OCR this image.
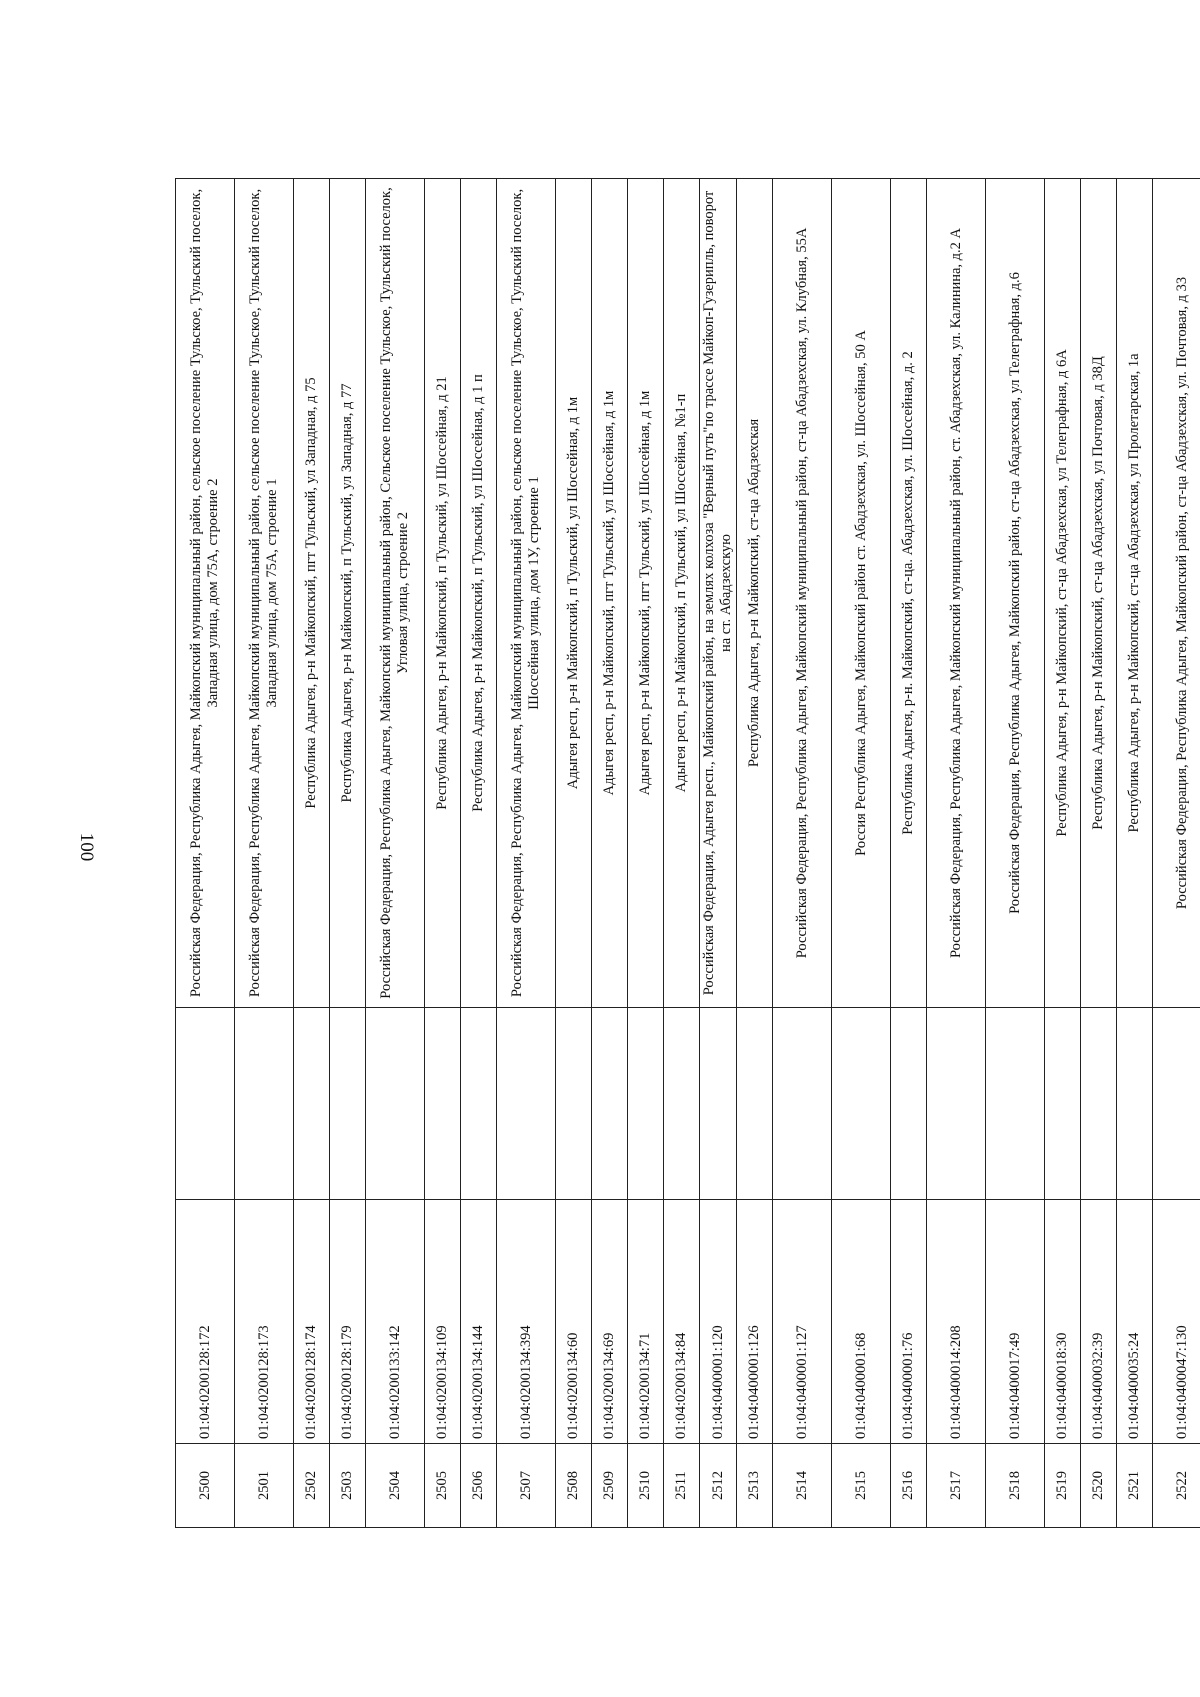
100
2500	01:04:0200128:172		Российская Федерация, Республика Адыгея, Майкопский муниципальный район, сельское поселение Тульское, Тульский поселок, Западная улица, дом 75А, строение 2
2501	01:04:0200128:173		Российская Федерация, Республика Адыгея, Майкопский муниципальный район, сельское поселение Тульское, Тульский поселок, Западная улица, дом 75А, строение 1
2502	01:04:0200128:174		Республика Адыгея, р-н Майкопский, пгт Тульский, ул Западная, д 75
2503	01:04:0200128:179		Республика Адыгея, р-н Майкопский, п Тульский, ул Западная, д 77
2504	01:04:0200133:142		Российская Федерация, Республика Адыгея, Майкопский муниципальный район, Сельское поселение Тульское, Тульский поселок, Угловая улица, строение 2
2505	01:04:0200134:109		Республика Адыгея, р-н Майкопский, п Тульский, ул Шоссейная, д 21
2506	01:04:0200134:144		Республика Адыгея, р-н Майкопский, п Тульский, ул Шоссейная, д 1 п
2507	01:04:0200134:394		Российская Федерация, Республика Адыгея, Майкопский муниципальный район, сельское поселение Тульское, Тульский поселок, Шоссейная улица, дом 1У, строение 1
2508	01:04:0200134:60		Адыгея респ, р-н Майкопский, п Тульский, ул Шоссейная, д 1м
2509	01:04:0200134:69		Адыгея респ, р-н Майкопский, пгт Тульский, ул Шоссейная, д 1м
2510	01:04:0200134:71		Адыгея респ, р-н Майкопский, пгт Тульский, ул Шоссейная, д 1м
2511	01:04:0200134:84		Адыгея респ, р-н Майкопский, п Тульский, ул Шоссейная, №1-п
2512	01:04:0400001:120		Российская Федерация, Адыгея респ., Майкопский район, на землях колхоза "Верный путь"по трассе Майкоп-Гузерипль, поворот на ст. Абадзехскую
2513	01:04:0400001:126		Республика Адыгея, р-н Майкопский, ст-ца Абадзехская
2514	01:04:0400001:127		Российская Федерация, Республика Адыгея, Майкопский муниципальный район, ст-ца Абадзехская, ул. Клубная, 55А
2515	01:04:0400001:68		Россия Республика Адыгея, Майкопский район ст. Абадзехская, ул. Шоссейная, 50 А
2516	01:04:0400001:76		Республика Адыгея, р-н. Майкопский, ст-ца. Абадзехская, ул. Шоссейная, д. 2
2517	01:04:0400014:208		Российская Федерация, Республика Адыгея, Майкопский муниципальный район, ст. Абадзехская, ул. Калинина, д.2 А
2518	01:04:0400017:49		Российская Федерация, Республика Адыгея, Майкопский район, ст-ца Абадзехская, ул Телеграфная, д.6
2519	01:04:0400018:30		Республика Адыгея, р-н Майкопский, ст-ца Абадзехская, ул Телеграфная, д 6А
2520	01:04:0400032:39		Республика Адыгея, р-н Майкопский, ст-ца Абадзехская, ул Почтовая, д 38Д
2521	01:04:0400035:24		Республика Адыгея, р-н Майкопский, ст-ца Абадзехская, ул Пролетарская, 1а
2522	01:04:0400047:130		Российская Федерация, Республика Адыгея, Майкопский район, ст-ца Абадзехская, ул. Почтовая, д 33
